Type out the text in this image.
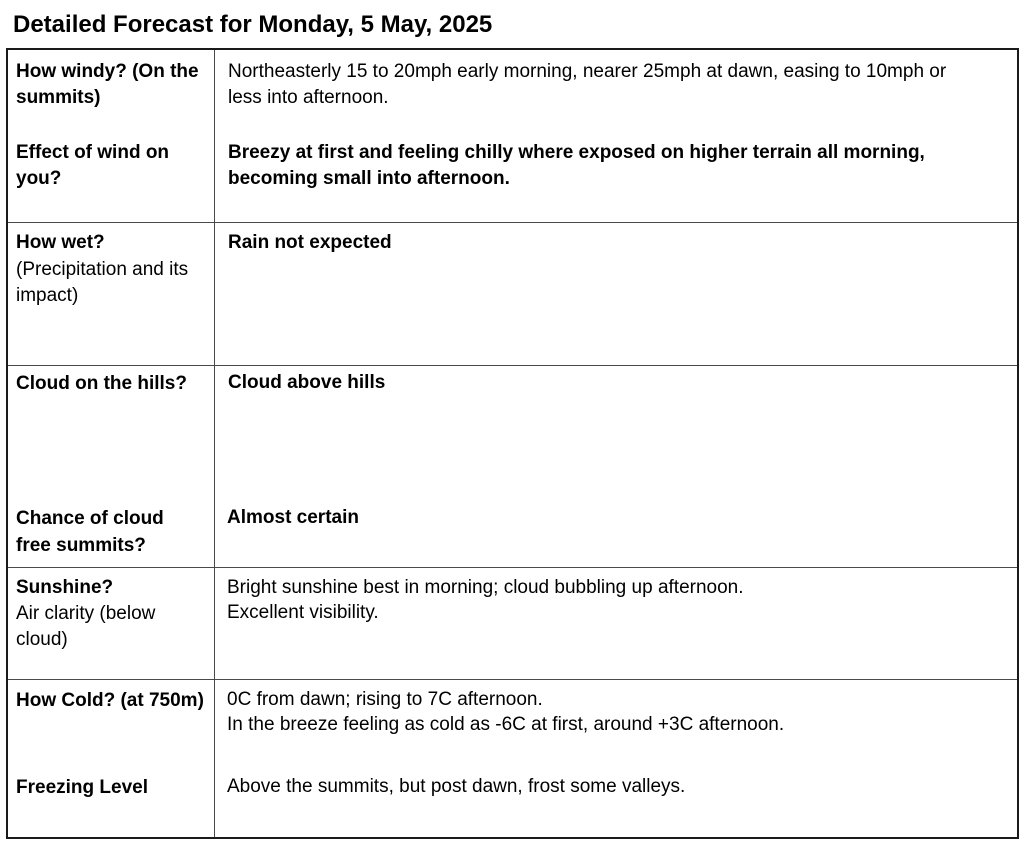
Detailed Forecast for Monday, 5 May, 2025
How windy? (On the
summits)
Effect of wind on
you?
Northeasterly 15 to 20mph early morning, nearer 25mph at dawn, easing to 10mph or
less into afternoon.
Breezy at first and feeling chilly where exposed on higher terrain all morning,
becoming small into afternoon.
How wet?
(Precipitation and its
impact)
Rain not expected
Cloud on the hills?
Chance of cloud
free summits?
Cloud above hills
Almost certain
Sunshine?
Air clarity (below
cloud)
Bright sunshine best in morning; cloud bubbling up afternoon.
Excellent visibility.
How Cold? (at 750m)
Freezing Level
0C from dawn; rising to 7C afternoon.
In the breeze feeling as cold as -6C at first, around +3C afternoon.
Above the summits, but post dawn, frost some valleys.
